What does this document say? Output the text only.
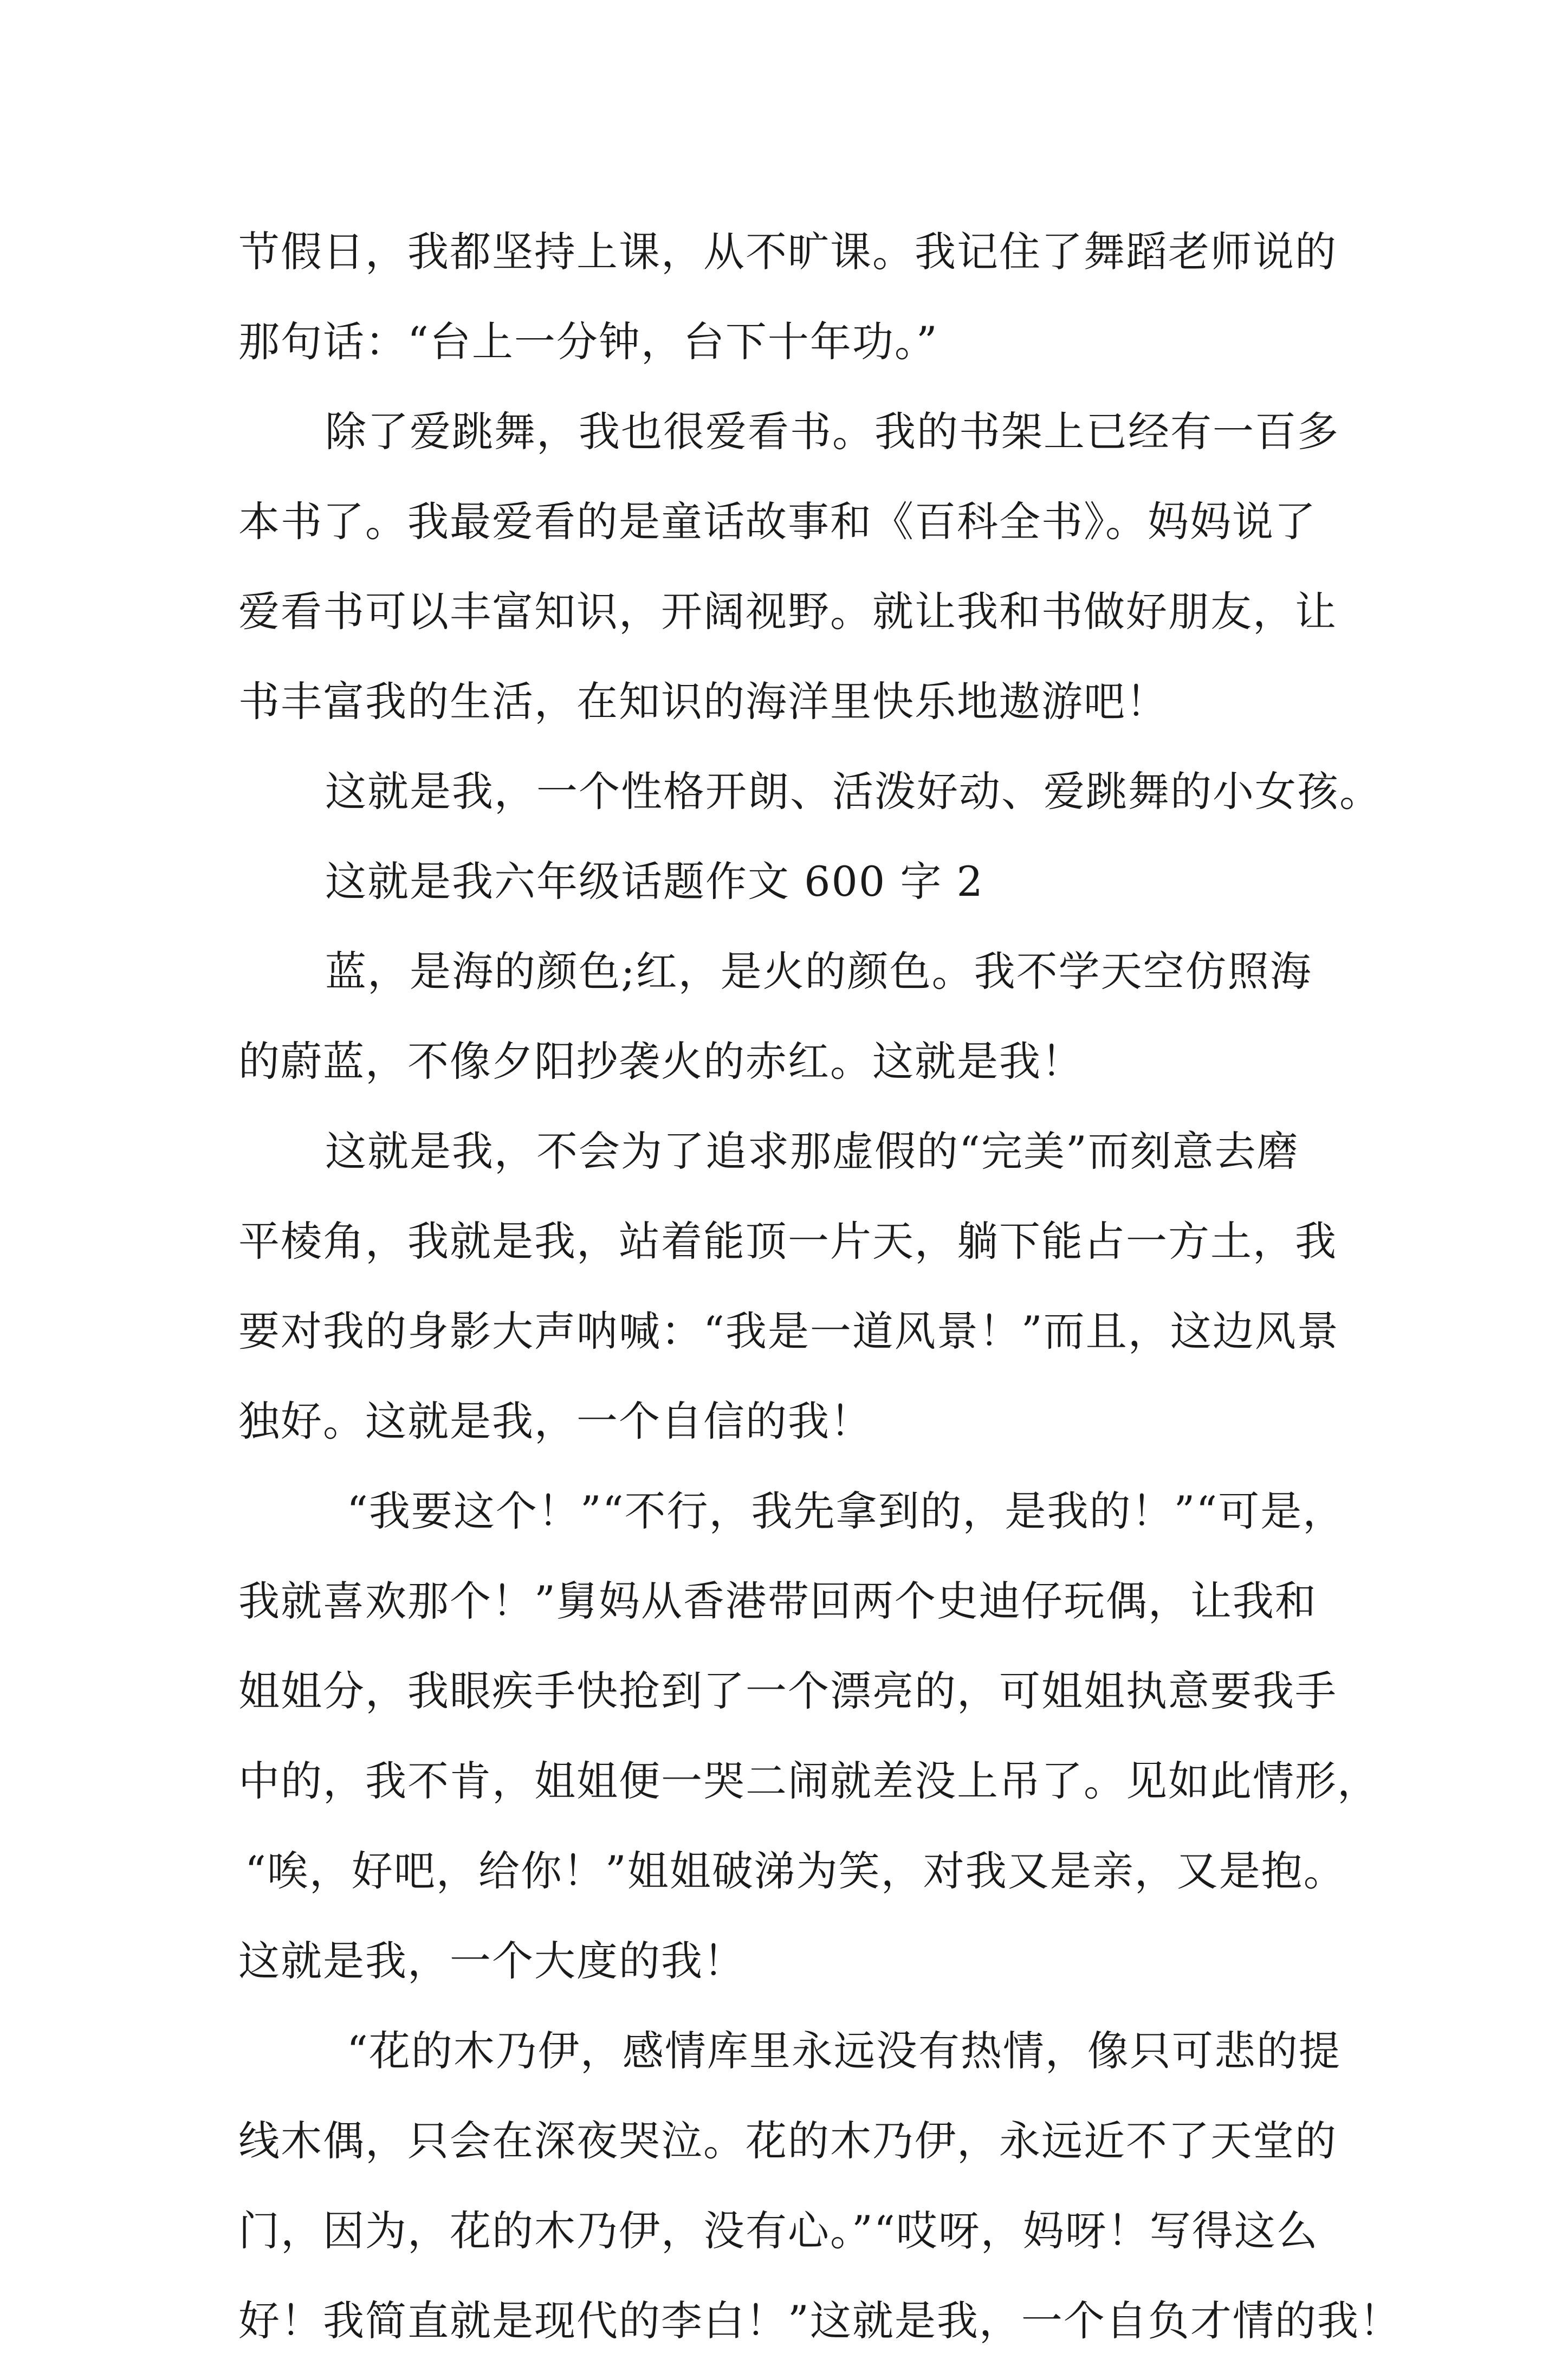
节假日，我都坚持上课，从不旷课。我记住了舞蹈老师说的
那句话：“台上一分钟，台下十年功。”
除了爱跳舞，我也很爱看书。我的书架上已经有一百多
本书了。我最爱看的是童话故事和《百科全书》。妈妈说了
爱看书可以丰富知识，开阔视野。就让我和书做好朋友，让
书丰富我的生活，在知识的海洋里快乐地遨游吧！
这就是我，一个性格开朗、活泼好动、爱跳舞的小女孩。
这就是我六年级话题作文 600 字 2
蓝，是海的颜色;红，是火的颜色。我不学天空仿照海
的蔚蓝，不像夕阳抄袭火的赤红。这就是我！
这就是我，不会为了追求那虚假的“完美”而刻意去磨
平棱角，我就是我，站着能顶一片天，躺下能占一方土，我
要对我的身影大声呐喊：“我是一道风景！”而且，这边风景
独好。这就是我，一个自信的我！
“我要这个！”“不行，我先拿到的，是我的！”“可是，
我就喜欢那个！”舅妈从香港带回两个史迪仔玩偶，让我和
姐姐分，我眼疾手快抢到了一个漂亮的，可姐姐执意要我手
中的，我不肯，姐姐便一哭二闹就差没上吊了。见如此情形，
“唉，好吧，给你！”姐姐破涕为笑，对我又是亲，又是抱。
这就是我，一个大度的我！
“花的木乃伊，感情库里永远没有热情，像只可悲的提
线木偶，只会在深夜哭泣。花的木乃伊，永远近不了天堂的
门，因为，花的木乃伊，没有心。”“哎呀，妈呀！写得这么
好！我简直就是现代的李白！”这就是我，一个自负才情的我！
